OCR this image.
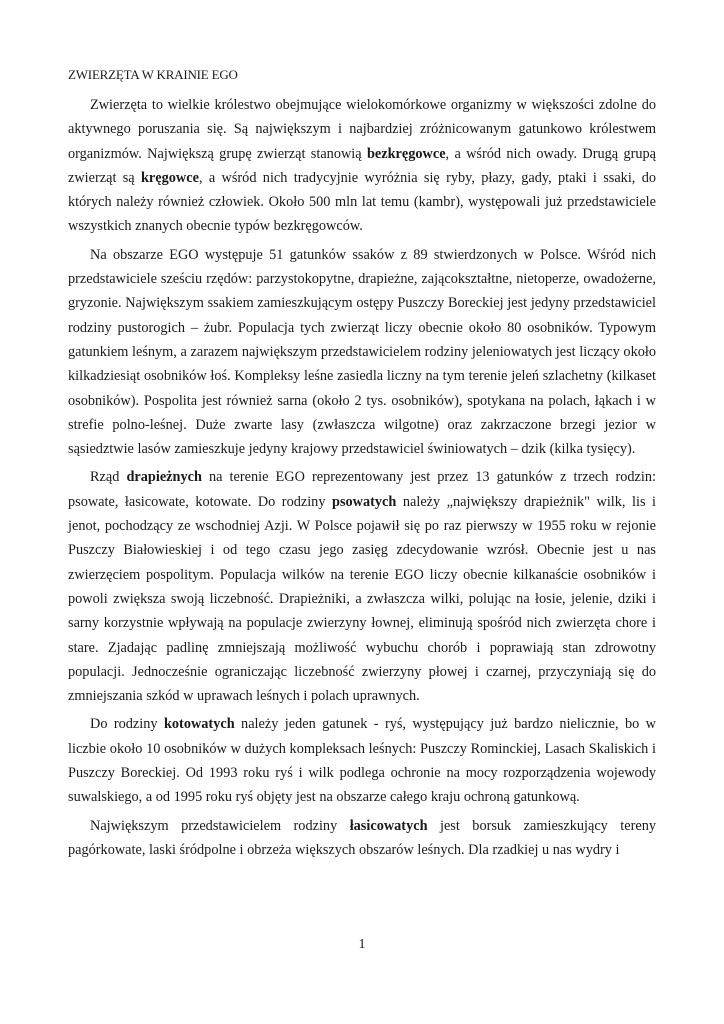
ZWIERZĘTA W KRAINIE EGO

Zwierzęta to wielkie królestwo obejmujące wielokomórkowe organizmy w większości zdolne do aktywnego poruszania się. Są największym i najbardziej zróżnicowanym gatunkowo królestwem organizmów. Największą grupę zwierząt stanowią bezkręgowce, a wśród nich owady. Drugą grupą zwierząt są kręgowce, a wśród nich tradycyjnie wyróżnia się ryby, płazy, gady, ptaki i ssaki, do których należy również człowiek. Około 500 mln lat temu (kambr), występowali już przedstawiciele wszystkich znanych obecnie typów bezkręgowców.

Na obszarze EGO występuje 51 gatunków ssaków z 89 stwierdzonych w Polsce. Wśród nich przedstawiciele sześciu rzędów: parzystokopytne, drapieżne, zającokształtne, nietoperze, owadożerne, gryzonie. Największym ssakiem zamieszkującym ostępy Puszczy Boreckiej jest jedyny przedstawiciel rodziny pustorogich – żubr. Populacja tych zwierząt liczy obecnie około 80 osobników. Typowym gatunkiem leśnym, a zarazem największym przedstawicielem rodziny jeleniowatych jest liczący około kilkadziesiąt osobników łoś. Kompleksy leśne zasiedla liczny na tym terenie jeleń szlachetny (kilkaset osobników). Pospolita jest również sarna (około 2 tys. osobników), spotykana na polach, łąkach i w strefie polno-leśnej. Duże zwarte lasy (zwłaszcza wilgotne) oraz zakrzaczone brzegi jezior w sąsiedztwie lasów zamieszkuje jedyny krajowy przedstawiciel świniowatych – dzik (kilka tysięcy).

Rząd drapieżnych na terenie EGO reprezentowany jest przez 13 gatunków z trzech rodzin: psowate, łasicowate, kotowate. Do rodziny psowatych należy „największy drapieżnik" wilk, lis i jenot, pochodzący ze wschodniej Azji. W Polsce pojawił się po raz pierwszy w 1955 roku w rejonie Puszczy Białowieskiej i od tego czasu jego zasięg zdecydowanie wzrósł. Obecnie jest u nas zwierzęciem pospolitym. Populacja wilków na terenie EGO liczy obecnie kilkanaście osobników i powoli zwiększa swoją liczebność. Drapieżniki, a zwłaszcza wilki, polując na łosie, jelenie, dziki i sarny korzystnie wpływają na populacje zwierzyny łownej, eliminują spośród nich zwierzęta chore i stare. Zjadając padlinę zmniejszają możliwość wybuchu chorób i poprawiają stan zdrowotny populacji. Jednocześnie ograniczając liczebność zwierzyny płowej i czarnej, przyczyniają się do zmniejszania szkód w uprawach leśnych i polach uprawnych.

Do rodziny kotowatych należy jeden gatunek - ryś, występujący już bardzo nielicznie, bo w liczbie około 10 osobników w dużych kompleksach leśnych: Puszczy Rominckiej, Lasach Skaliskich i Puszczy Boreckiej. Od 1993 roku ryś i wilk podlega ochronie na mocy rozporządzenia wojewody suwalskiego, a od 1995 roku ryś objęty jest na obszarze całego kraju ochroną gatunkową.

Największym przedstawicielem rodziny łasicowatych jest borsuk zamieszkujący tereny pagórkowate, laski śródpolne i obrzeża większych obszarów leśnych. Dla rzadkiej u nas wydry i

1
